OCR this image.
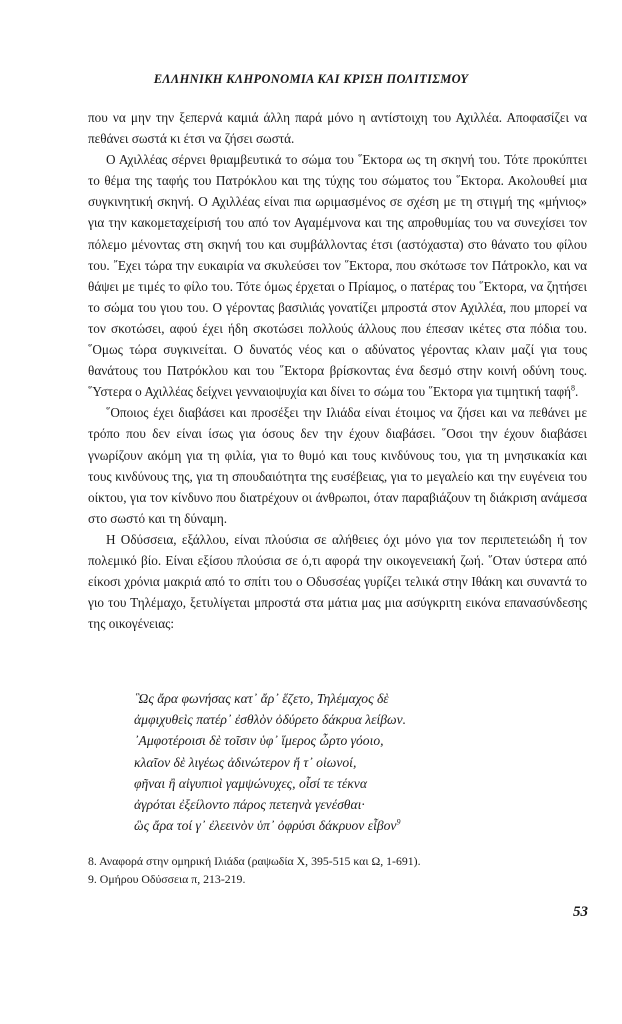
ΕΛΛΗΝΙΚΗ ΚΛΗΡΟΝΟΜΙΑ ΚΑΙ ΚΡΙΣΗ ΠΟΛΙΤΙΣΜΟΥ

που να μην την ξεπερνά καμιά άλλη παρά μόνο η αντίστοιχη του Αχιλλέα. Αποφασίζει να πεθάνει σωστά κι έτσι να ζήσει σωστά.

Ο Αχιλλέας σέρνει θριαμβευτικά το σώμα του ῞Εκτορα ως τη σκηνή του. Τότε προκύπτει το θέμα της ταφής του Πατρόκλου και της τύχης του σώματος του ῞Εκτορα. Ακολουθεί μια συγκινητική σκηνή. Ο Αχιλλέας είναι πια ωριμασμένος σε σχέση με τη στιγμή της «μήνιος» για την κακομεταχείρισή του από τον Αγαμέμνονα και της απροθυμίας του να συνεχίσει τον πόλεμο μένοντας στη σκηνή του και συμβάλλοντας έτσι (αστόχαστα) στο θάνατο του φίλου του. ῎Εχει τώρα την ευκαιρία να σκυλεύσει τον ῞Εκτορα, που σκότωσε τον Πάτροκλο, και να θάψει με τιμές το φίλο του. Τότε όμως έρχεται ο Πρίαμος, ο πατέρας του ῞Εκτορα, να ζητήσει το σώμα του γιου του. Ο γέροντας βασιλιάς γονατίζει μπροστά στον Αχιλλέα, που μπορεί να τον σκοτώσει, αφού έχει ήδη σκοτώσει πολλούς άλλους που έπεσαν ικέτες στα πόδια του. ῞Ομως τώρα συγκινείται. Ο δυνατός νέος και ο αδύνατος γέροντας κλαιν μαζί για τους θανάτους του Πατρόκλου και του ῞Εκτορα βρίσκοντας ένα δεσμό στην κοινή οδύνη τους. ῞Υστερα ο Αχιλλέας δείχνει γενναιοψυχία και δίνει το σώμα του ῞Εκτορα για τιμητική ταφή$^8$.

῞Οποιος έχει διαβάσει και προσέξει την Ιλιάδα είναι έτοιμος να ζήσει και να πεθάνει με τρόπο που δεν είναι ίσως για όσους δεν την έχουν διαβάσει. ῞Οσοι την έχουν διαβάσει γνωρίζουν ακόμη για τη φιλία, για το θυμό και τους κινδύνους του, για τη μνησικακία και τους κινδύνους της, για τη σπουδαιότητα της ευσέβειας, για το μεγαλείο και την ευγένεια του οίκτου, για τον κίνδυνο που διατρέχουν οι άνθρωποι, όταν παραβιάζουν τη διάκριση ανάμεσα στο σωστό και τη δύναμη.

Η Οδύσσεια, εξάλλου, είναι πλούσια σε αλήθειες όχι μόνο για τον περιπετειώδη ή τον πολεμικό βίο. Είναι εξίσου πλούσια σε ό,τι αφορά την οικογενειακή ζωή. ῞Οταν ύστερα από είκοσι χρόνια μακριά από το σπίτι του ο Οδυσσέας γυρίζει τελικά στην Ιθάκη και συναντά το γιο του Τηλέμαχο, ξετυλίγεται μπροστά στα μάτια μας μια ασύγκριτη εικόνα επανασύνδεσης της οικογένειας:

῝Ως ἄρα φωνήσας κατ᾽ ἄρ᾽ ἕζετο, Τηλέμαχος δὲ
ἀμφιχυθεὶς πατέρ᾽ ἐσθλὸν ὀδύρετο δάκρυα λείβων.
᾽Αμφοτέροισι δὲ τοῖσιν ὑφ᾽ ἵμερος ὦρτο γόοιο,
κλαῖον δὲ λιγέως ἀδινώτερον ἤ τ᾽ οἰωνοί,
φῆναι ἢ αἰγυπιοὶ γαμψώνυχες, οἷσί τε τέκνα
ἀγρόται ἐξείλοντο πάρος πετεηνὰ γενέσθαι·
ὣς ἄρα τοί γ᾽ ἐλεεινὸν ὑπ᾽ ὀφρύσι δάκρυον εἶβον$^9$
8. Αναφορά στην ομηρική Ιλιάδα (ραψωδία Χ, 395-515 και Ω, 1-691).
9. Ομήρου Οδύσσεια π, 213-219.
53
